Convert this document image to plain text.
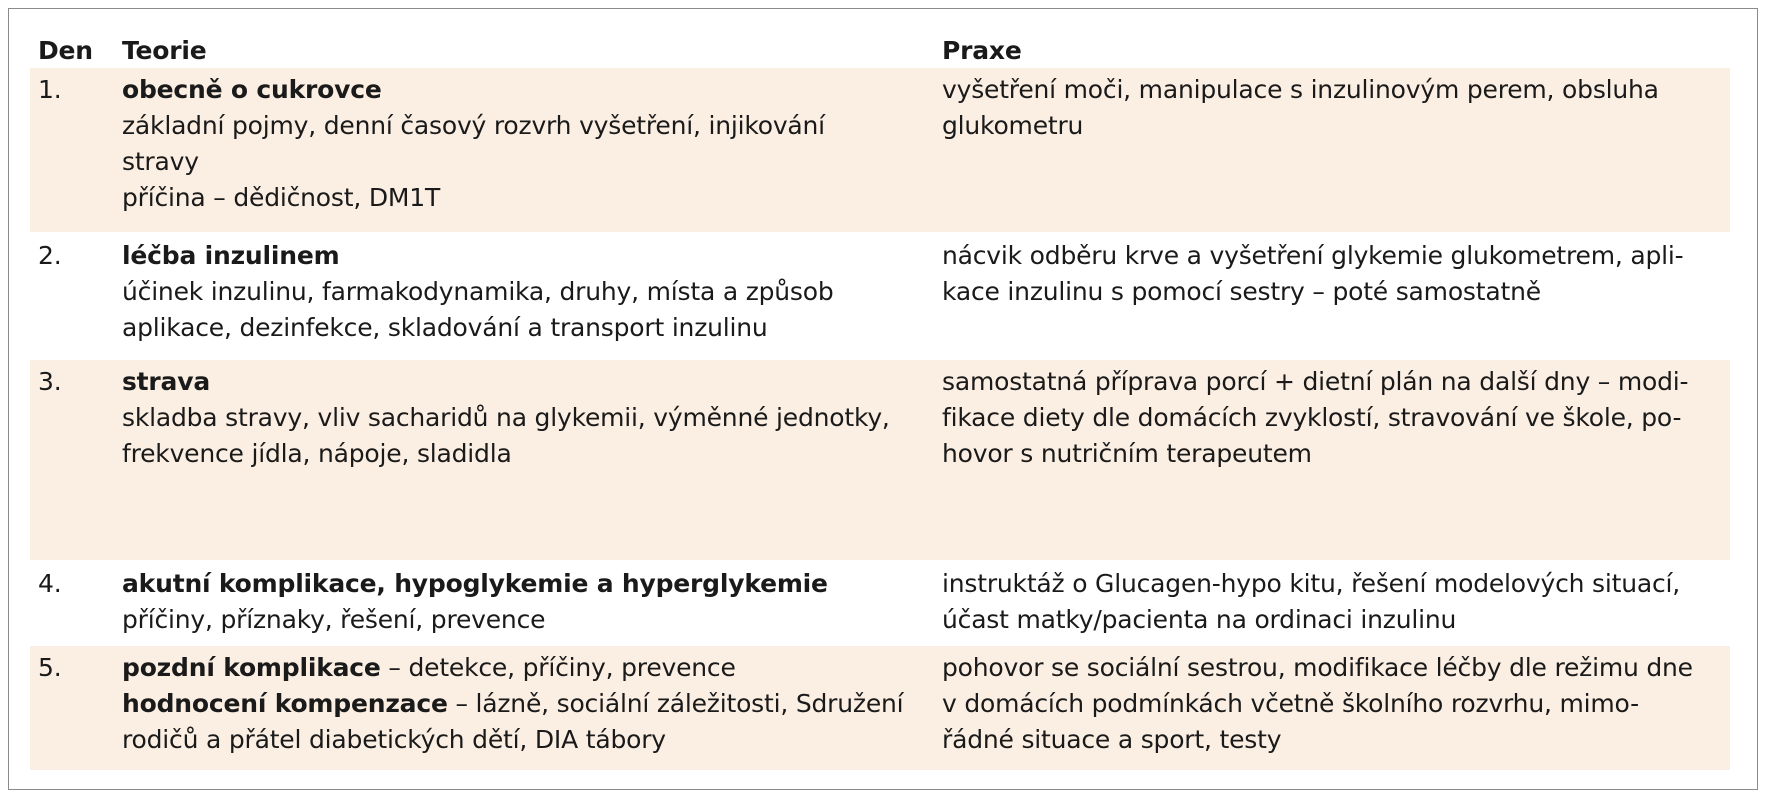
Den Teorie	Praxe
1. obecně o cukrovce
základní pojmy, denní časový rozvrh vyšetření, injikování
stravy
příčina – dědičnost, DM1T
vyšetření moči, manipulace s inzulinovým perem, obsluha
glukometru
2. léčba inzulinem
účinek inzulinu, farmakodynamika, druhy, místa a způsob
aplikace, dezinfekce, skladování a transport inzulinu
nácvik odběru krve a vyšetření glykemie glukometrem, apli-
kace inzulinu s pomocí sestry – poté samostatně
3. strava
skladba stravy, vliv sacharidů na glykemii, výměnné jednotky,
frekvence jídla, nápoje, sladidla
samostatná příprava porcí + dietní plán na další dny – modi-
fikace diety dle domácích zvyklostí, stravování ve škole, po-
hovor s nutričním terapeutem
4. akutní komplikace, hypoglykemie a hyperglykemie
příčiny, příznaky, řešení, prevence
instruktáž o Glucagen-hypo kitu, řešení modelových situací,
účast matky/pacienta na ordinaci inzulinu
5. pozdní komplikace – detekce, příčiny, prevence
hodnocení kompenzace – lázně, sociální záležitosti, Sdružení
rodičů a přátel diabetických dětí, DIA tábory
pohovor se sociální sestrou, modifikace léčby dle režimu dne
v domácích podmínkách včetně školního rozvrhu, mimo-
řádné situace a sport, testy
